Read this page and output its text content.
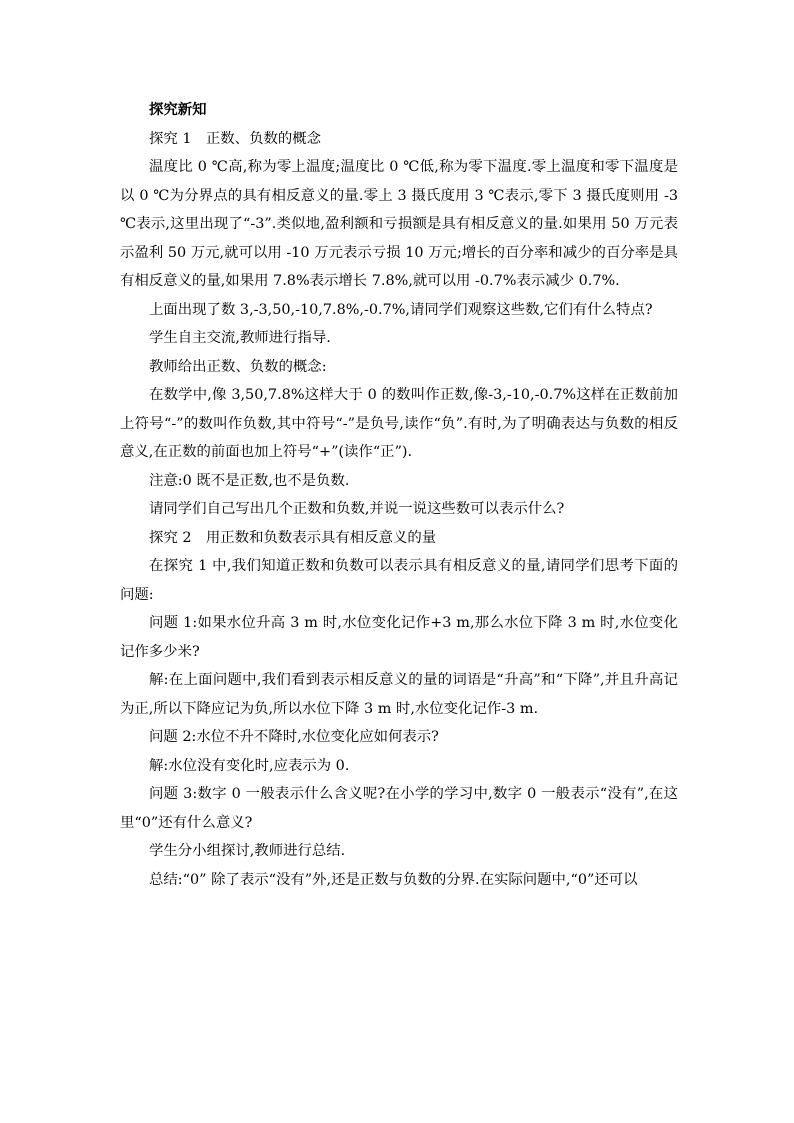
探究新知

探究 1　正数、负数的概念

温度比 0 ℃高,称为零上温度;温度比 0 ℃低,称为零下温度.零上温度和零下温度是以 0 ℃为分界点的具有相反意义的量.零上 3 摄氏度用 3 ℃表示,零下 3 摄氏度则用 -3 ℃表示,这里出现了“-3”.类似地,盈利额和亏损额是具有相反意义的量.如果用 50 万元表示盈利 50 万元,就可以用 -10 万元表示亏损 10 万元;增长的百分率和减少的百分率是具有相反意义的量,如果用 7.8%表示增长 7.8%,就可以用 -0.7%表示减少 0.7%.

上面出现了数 3,-3,50,-10,7.8%,-0.7%,请同学们观察这些数,它们有什么特点?

学生自主交流,教师进行指导.

教师给出正数、负数的概念:

在数学中,像 3,50,7.8%这样大于 0 的数叫作正数,像-3,-10,-0.7%这样在正数前加上符号“-”的数叫作负数,其中符号“-”是负号,读作“负”.有时,为了明确表达与负数的相反意义,在正数的前面也加上符号“+”(读作“正”).

注意:0 既不是正数,也不是负数.

请同学们自己写出几个正数和负数,并说一说这些数可以表示什么?

探究 2　用正数和负数表示具有相反意义的量

在探究 1 中,我们知道正数和负数可以表示具有相反意义的量,请同学们思考下面的问题:

问题 1:如果水位升高 3 m 时,水位变化记作+3 m,那么水位下降 3 m 时,水位变化记作多少米?

解:在上面问题中,我们看到表示相反意义的量的词语是“升高”和“下降”,并且升高记为正,所以下降应记为负,所以水位下降 3 m 时,水位变化记作-3 m.

问题 2:水位不升不降时,水位变化应如何表示?

解:水位没有变化时,应表示为 0.

问题 3:数字 0 一般表示什么含义呢?在小学的学习中,数字 0 一般表示“没有”,在这里“0”还有什么意义?

学生分小组探讨,教师进行总结.

总结:“0” 除了表示“没有”外,还是正数与负数的分界.在实际问题中,“0”还可以
